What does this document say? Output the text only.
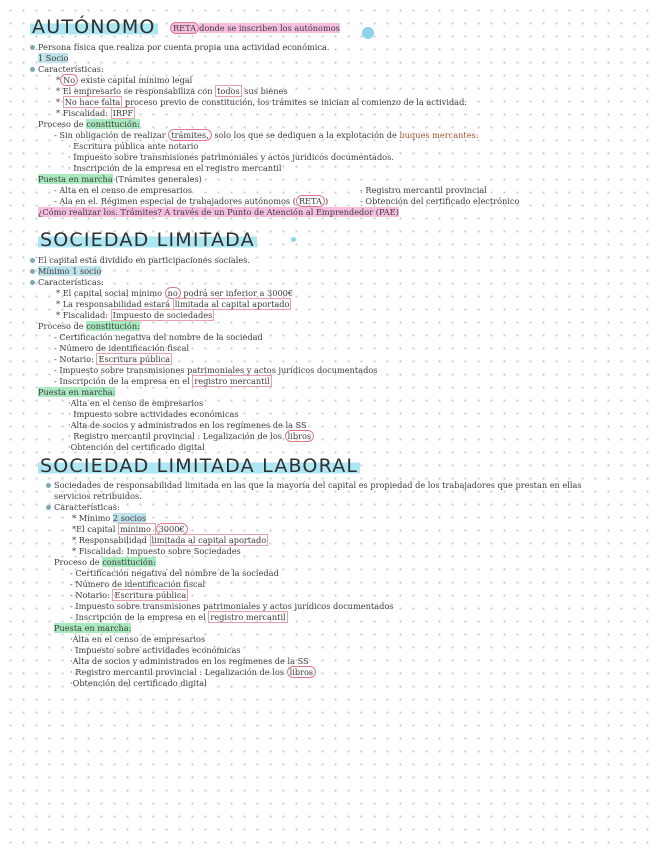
AUTÓNOMO	RETA donde se inscriben los autónomos
Persona física que realiza por cuenta propia una actividad económica.
1 Socio
Características:
* No existe capital mínimo legal
* El empresario se responsabiliza con todos sus bienes
* No hace falta proceso previo de constitución, los trámites se inician al comienzo de la actividad.
* Fiscalidad: IRPF
Proceso de constitución:
- Sin obligación de realizar trámites, solo los que se dediquen a la explotación de buques mercantes:
· Escritura pública ante notario
· Impuesto sobre transmisiones patrimoniales y actos jurídicos documentados.
· Inscripción de la empresa en el registro mercantil
Puesta en marcha (Trámites generales)
- Alta en el censo de empresarios	- Registro mercantil provincial
- Ala en el. Régimen especial de trabajadores autónomos ( RETA )	- Obtención del certificado electrónico
¿Cómo realizar los. Trámites? A través de un Punto de Atención al Emprendedor (PAE)
SOCIEDAD LIMITADA
El capital está dividido en participaciones sociales.
Mínimo 1 socio
Características:
* El capital social mínimo no podrá ser inferior a 3000€
* La responsabilidad estará limitada al capital aportado
* Fiscalidad: Impuesto de sociedades
Proceso de constitución:
- Certificación negativa del nombre de la sociedad
- Número de identificación fiscal
- Notario: Escritura pública
- Impuesto sobre transmisiones patrimoniales y actos jurídicos documentados
- Inscripción de la empresa en el registro mercantil
Puesta en marcha:
·Alta en el censo de empresarios
· Impuesto sobre actividades económicas
·Alta de socios y administrados en los regímenes de la SS
· Registro mercantil provincial : Legalización de los libros
·Obtención del certificado digital
SOCIEDAD LIMITADA LABORAL
Sociedades de responsabilidad limitada en las que la mayoría del capital es propiedad de los trabajadores que prestan en ellas
servicios retribuidos.
Características:
* Mínimo 2 socios
*El capital mínimo 3000€
* Responsabilidad limitada al capital aportado
* Fiscalidad: Impuesto sobre Sociedades
Proceso de constitución:
- Certificación negativa del nombre de la sociedad
- Número de identificación fiscal
- Notario: Escritura pública
- Impuesto sobre transmisiones patrimoniales y actos jurídicos documentados
- Inscripción de la empresa en el registro mercantil
Puesta en marcha:
·Alta en el censo de empresarios
· Impuesto sobre actividades económicas
·Alta de socios y administrados en los regímenes de la SS
· Registro mercantil provincial : Legalización de los libros
·Obtención del certificado digital
